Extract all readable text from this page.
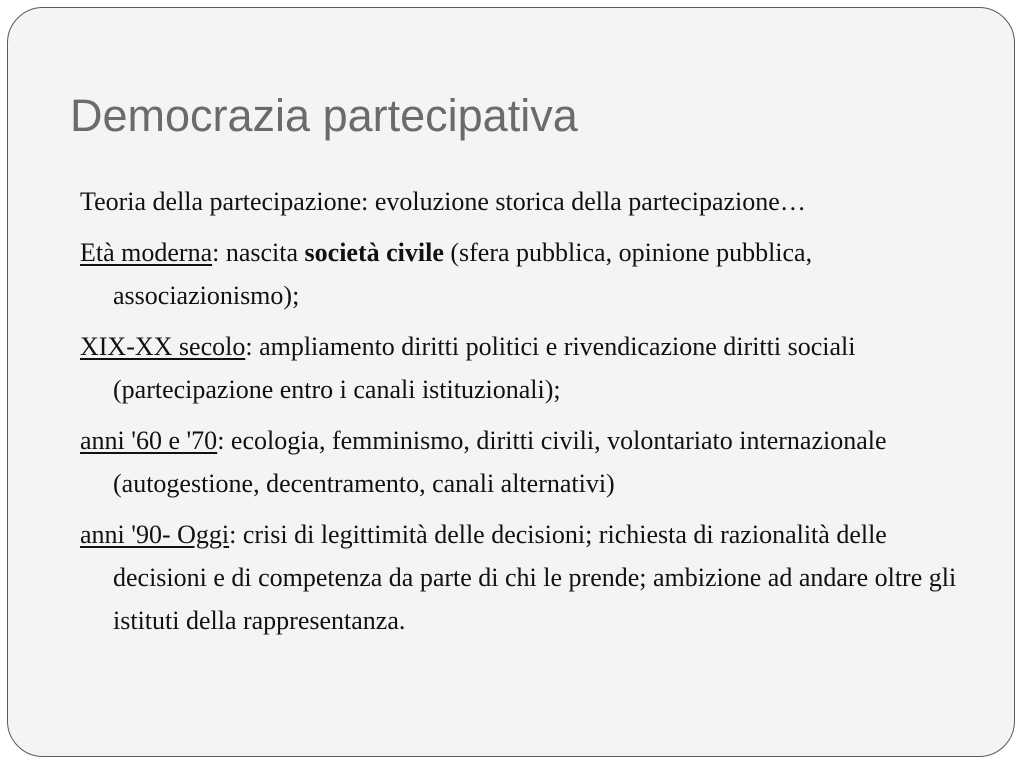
Democrazia partecipativa
Teoria della partecipazione: evoluzione storica della partecipazione…
Età moderna: nascita società civile (sfera pubblica, opinione pubblica, associazionismo);
XIX-XX secolo: ampliamento diritti politici e rivendicazione diritti sociali (partecipazione entro i canali istituzionali);
anni '60 e '70: ecologia, femminismo, diritti civili, volontariato internazionale (autogestione, decentramento, canali alternativi)
anni '90- Oggi: crisi di legittimità delle decisioni; richiesta di razionalità delle decisioni e di competenza da parte di chi le prende; ambizione ad andare oltre gli istituti della rappresentanza.
